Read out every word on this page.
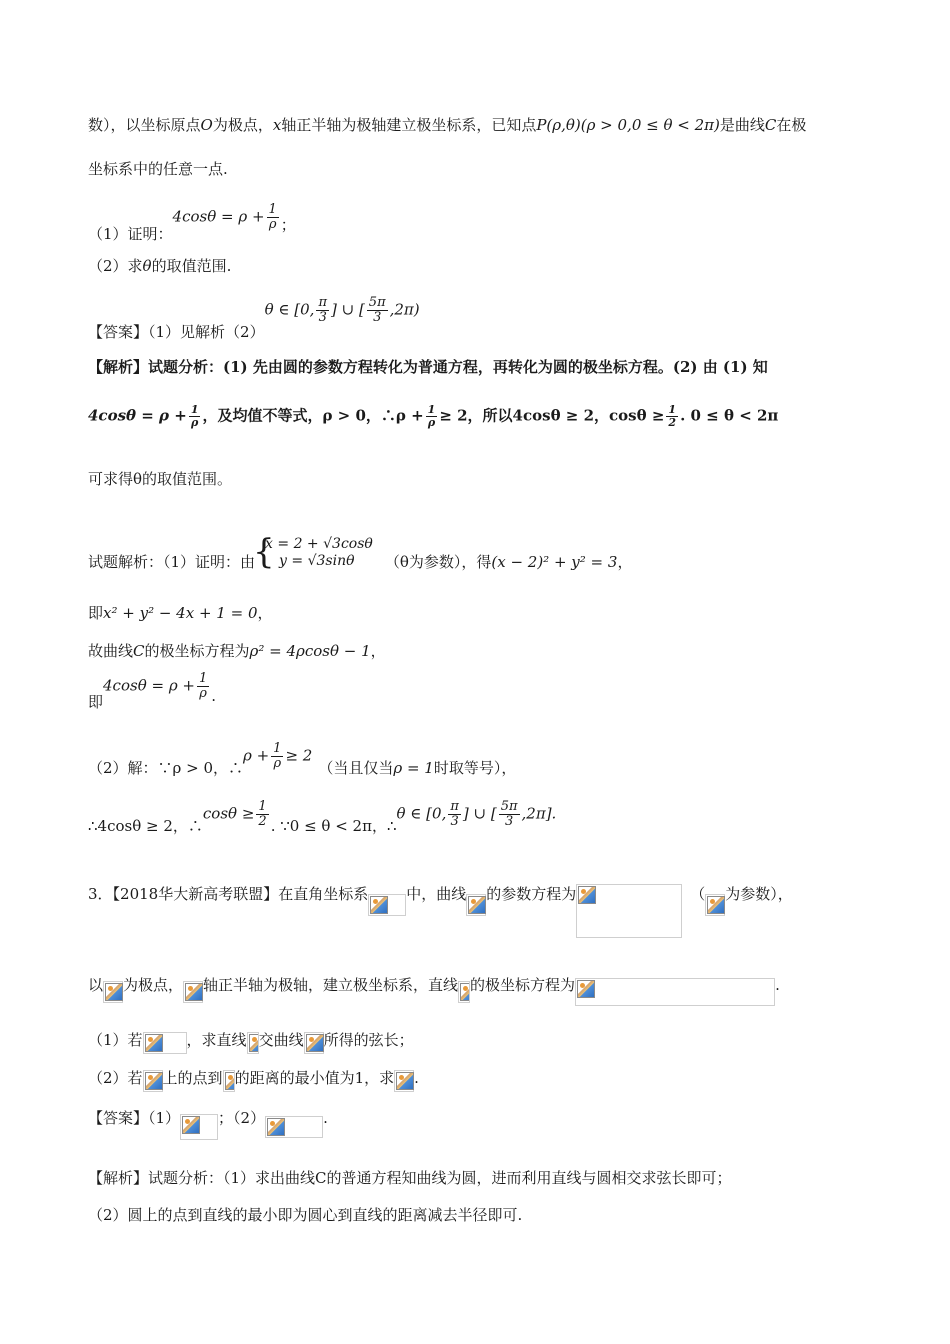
数），以坐标原点O为极点，x轴正半轴为极轴建立极坐标系，已知点P(ρ,θ)(ρ > 0,0 ≤ θ < 2π)是曲线C在极
坐标系中的任意一点.
（1）证明：$4\cos\theta = \rho + \frac{1}{\rho}$ ；
（2）求θ的取值范围.
【答案】（1）见解析（2）θ ∈ [0, $\frac{\pi}{3}$ ] ∪ [ $\frac{5\pi}{3} ,2\pi$)
【解析】试题分析：(1) 先由圆的参数方程转化为普通方程，再转化为圆的极坐标方程。(2) 由 (1) 知
$4\cos\theta = \rho + \frac{1}{\rho}$ ，及均值不等式，ρ > 0，∴ρ + $\frac{1}{\rho} \ge 2$，所以4cosθ ≥ 2，$\cos\theta \ge \frac{1}{2}$ . 0 ≤ θ < 2π
可求得θ的取值范围。
试题解析：（1）证明：由
{ x = 2 + √3cosθ
y = √3sinθ	（θ为参数），得(x − 2)² + y² = 3，
即x² + y² − 4x + 1 = 0，
故曲线C的极坐标方程为ρ² = 4ρcosθ − 1，
即$4\cos\theta = \rho + \frac{1}{\rho}$ .
（2）解：∵ρ > 0，∴ρ + $\frac{1}{\rho} \ge 2$（当且仅当ρ = 1时取等号），
∴4cosθ ≥ 2，∴cosθ ≥ $\frac{1}{2}$ . ∵0 ≤ θ < 2π，∴θ ∈ [0, $\frac{\pi}{3}$ ] ∪ [ $\frac{5\pi}{3} ,2\pi$].
3．【2018华大新高考联盟】在直角坐标系	中，曲线 的参数方程为	（ 为参数），
以 为极点， 轴正半轴为极轴，建立极坐标系，直线 的极坐标方程为	.
（1）若	，求直线 交曲线 所得的弦长；
（2）若 上的点到 的距离的最小值为1，求 .
【答案】（1）	；（2）	.
【解析】试题分析：（1）求出曲线C的普通方程知曲线为圆，进而利用直线与圆相交求弦长即可；
（2）圆上的点到直线的最小即为圆心到直线的距离减去半径即可.
